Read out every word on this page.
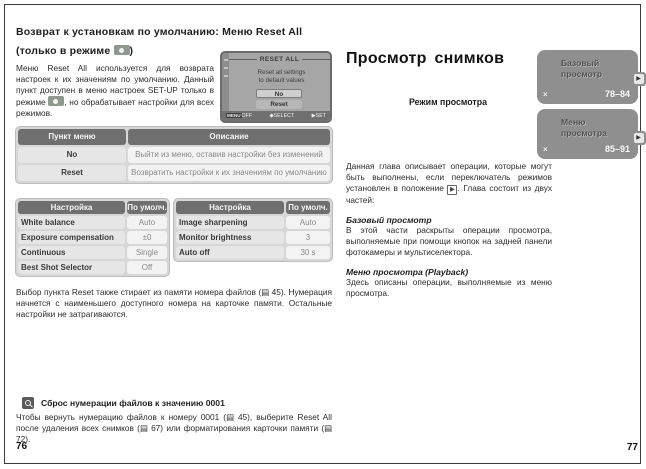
Возврат к установкам по умолчанию: Меню Reset All
(только в режиме )
Меню Reset All используется для возврата настроек к их значениям по умолчанию. Данный пункт доступен в меню настроек SET-UP только в режиме , но обрабатывает настройки для всех режимов.
RESET ALL
Reset all settings
to default values
No
Reset
MENUOFF	◆SELECT	▶SET
Пункт меню	Описание
No	Выйти из меню, оставив настройки без изменений
Reset	Возвратить настройки к их значениям по умолчанию
Настройка	По умолч.
White balance	Auto
Exposure compensation	±0
Continuous	Single
Best Shot Selector	Off
Настройка	По умолч.
Image sharpening	Auto
Monitor brightness	3
Auto off	30 s
Выбор пункта Reset также стирает из памяти номера файлов (▤ 45). Нумерация начнется с наименьшего доступного номера на карточке памяти. Остальные настройки не затрагиваются.
Сброс нумерации файлов к значению 0001
Чтобы вернуть нумерацию файлов к номеру 0001 (▤ 45), выберите Reset All после удаления всех снимков (▤ 67) или форматирования карточки памяти (▤ 72).
76
Просмотр снимков
Режим просмотра
Базовый
просмотр
×	78–84
▶
Меню
просмотра
×	85–91
▶
Данная глава описывает операции, которые могут быть выполнены, если переключатель режимов установлен в положение ▶ . Глава состоит из двух частей:
Базовый просмотр
В этой части раскрыты операции просмотра, выполняемые при помощи кнопок на задней панели фотокамеры и мультиселектора.
Меню просмотра (Playback)
Здесь описаны операции, выполняемые из меню просмотра.
77
